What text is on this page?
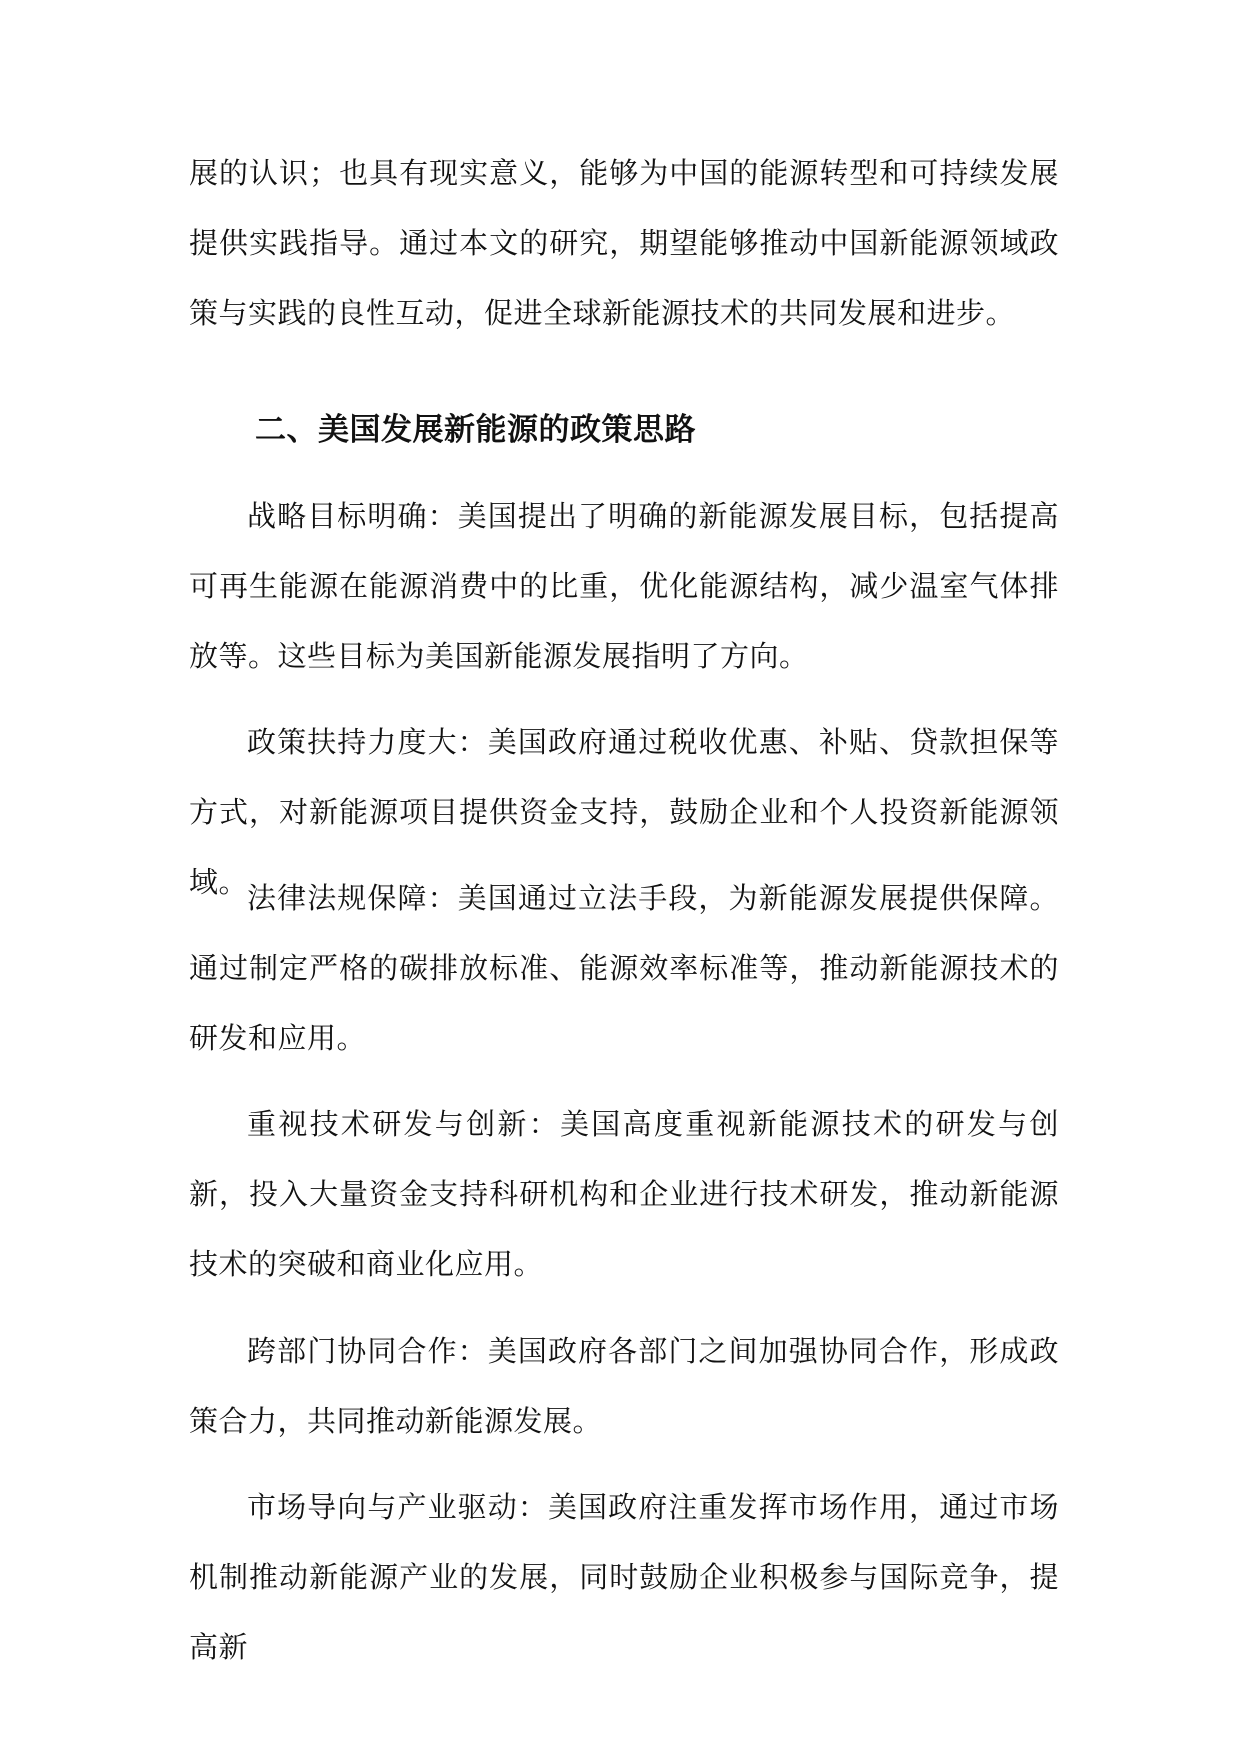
展的认识；也具有现实意义，能够为中国的能源转型和可持续发展提供实践指导。通过本文的研究，期望能够推动中国新能源领域政策与实践的良性互动，促进全球新能源技术的共同发展和进步。

二、美国发展新能源的政策思路

战略目标明确：美国提出了明确的新能源发展目标，包括提高可再生能源在能源消费中的比重，优化能源结构，减少温室气体排放等。这些目标为美国新能源发展指明了方向。

政策扶持力度大：美国政府通过税收优惠、补贴、贷款担保等方式，对新能源项目提供资金支持，鼓励企业和个人投资新能源领域。

法律法规保障：美国通过立法手段，为新能源发展提供保障。通过制定严格的碳排放标准、能源效率标准等，推动新能源技术的研发和应用。

重视技术研发与创新：美国高度重视新能源技术的研发与创新，投入大量资金支持科研机构和企业进行技术研发，推动新能源技术的突破和商业化应用。

跨部门协同合作：美国政府各部门之间加强协同合作，形成政策合力，共同推动新能源发展。

市场导向与产业驱动：美国政府注重发挥市场作用，通过市场机制推动新能源产业的发展，同时鼓励企业积极参与国际竞争，提高新
